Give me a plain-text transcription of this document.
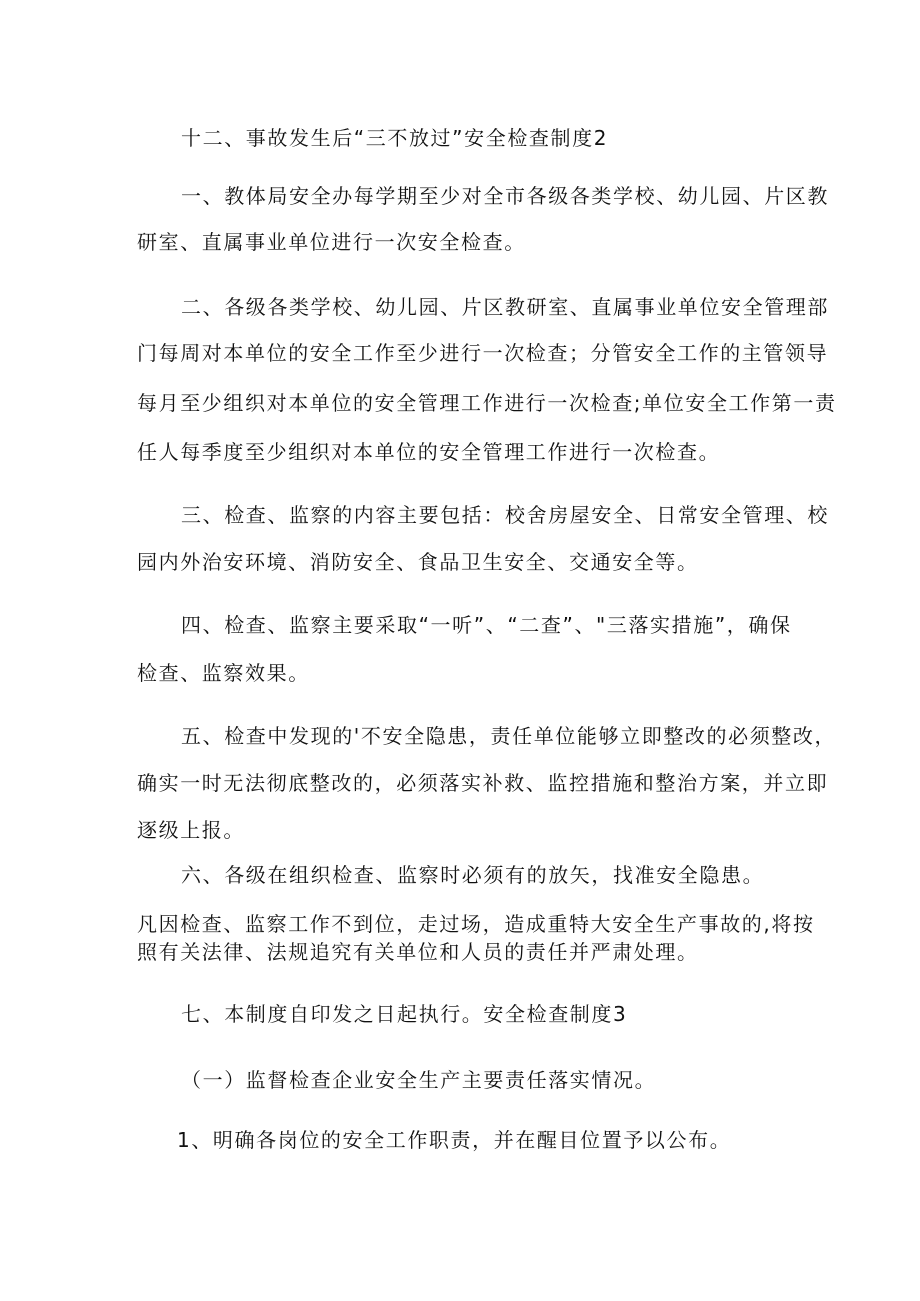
十二、事故发生后“三不放过”安全检查制度2
一、教体局安全办每学期至少对全市各级各类学校、幼儿园、片区教
研室、直属事业单位进行一次安全检查。
二、各级各类学校、幼儿园、片区教研室、直属事业单位安全管理部
门每周对本单位的安全工作至少进行一次检查；分管安全工作的主管领导
每月至少组织对本单位的安全管理工作进行一次检查;单位安全工作第一责
任人每季度至少组织对本单位的安全管理工作进行一次检查。
三、检查、监察的内容主要包括：校舍房屋安全、日常安全管理、校
园内外治安环境、消防安全、食品卫生安全、交通安全等。
四、检查、监察主要采取“一听”、“二查”、"三落实措施”，确保
检查、监察效果。
五、检查中发现的'不安全隐患，责任单位能够立即整改的必须整改，
确实一时无法彻底整改的，必须落实补救、监控措施和整治方案，并立即
逐级上报。
六、各级在组织检查、监察时必须有的放矢，找准安全隐患。
凡因检查、监察工作不到位，走过场，造成重特大安全生产事故的,将按
照有关法律、法规追究有关单位和人员的责任并严肃处理。
七、本制度自印发之日起执行。安全检查制度3
（一）监督检查企业安全生产主要责任落实情况。
1、明确各岗位的安全工作职责，并在醒目位置予以公布。
